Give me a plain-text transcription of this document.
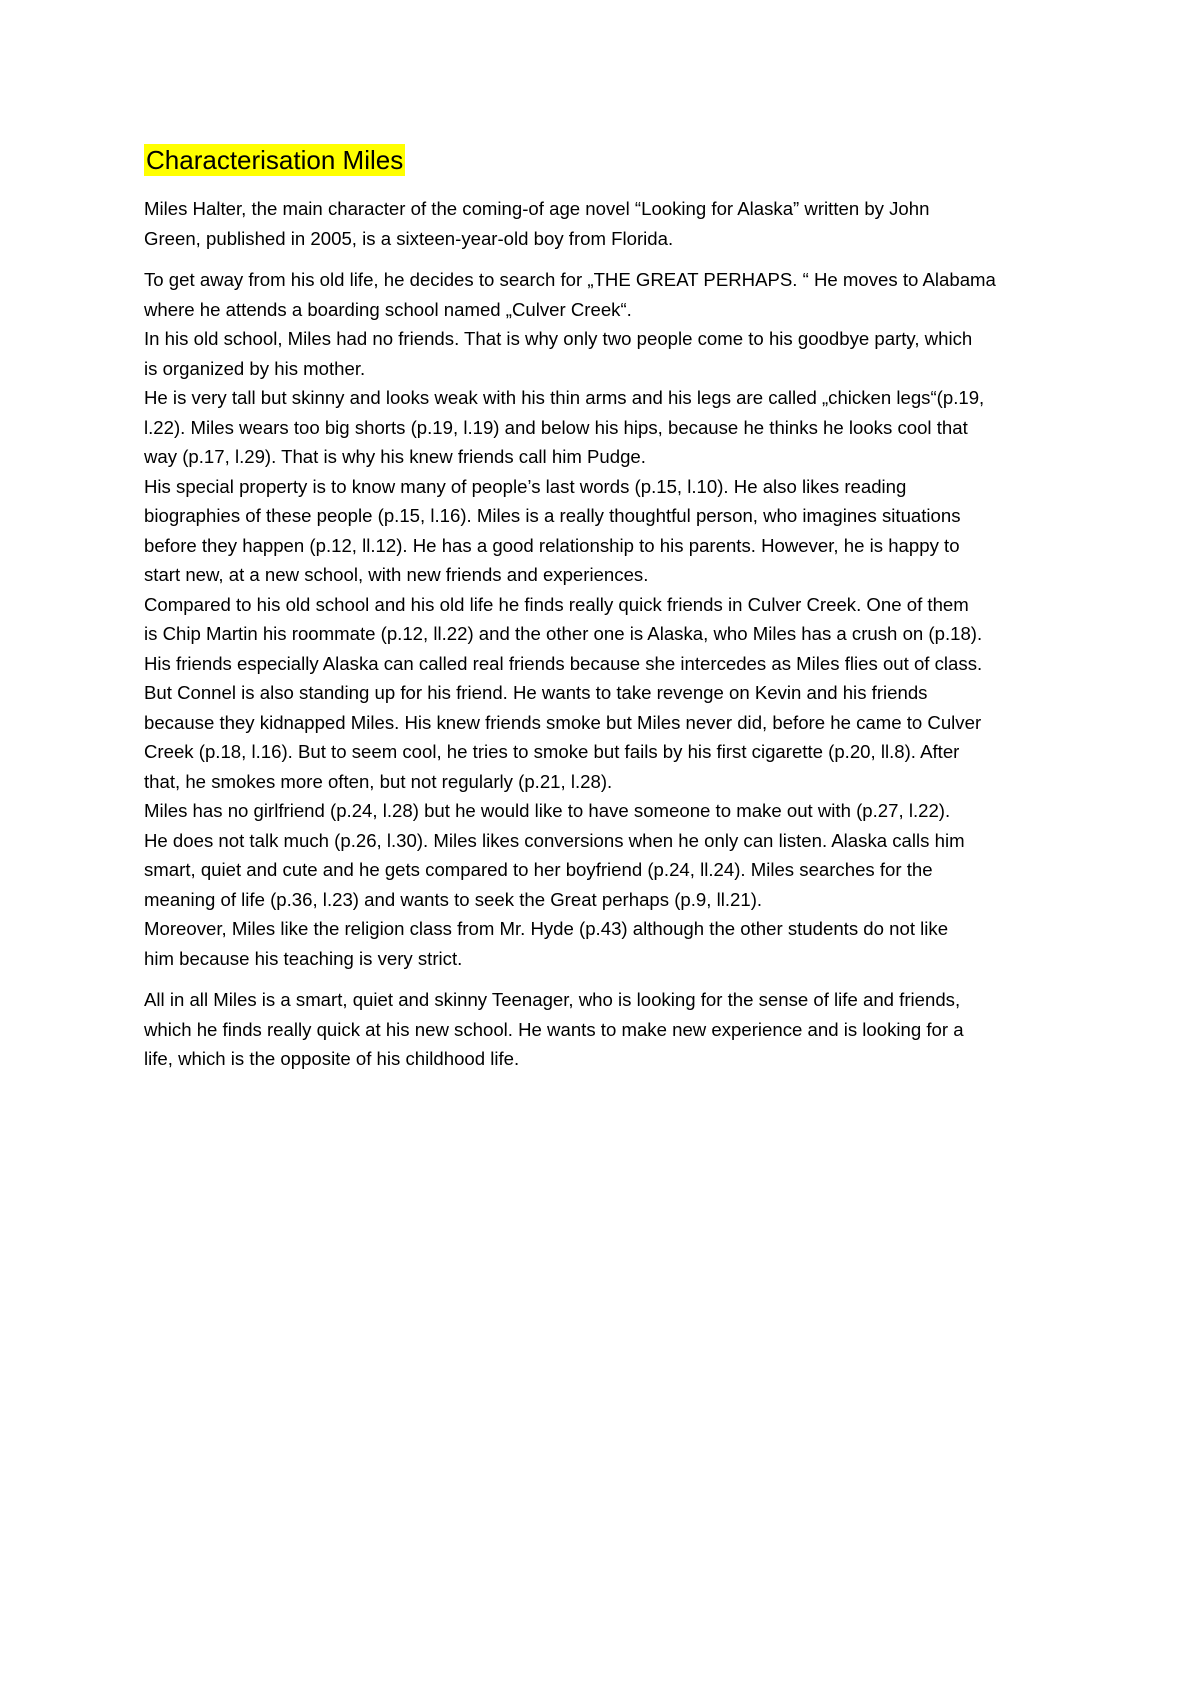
Characterisation Miles
Miles Halter, the main character of the coming-of age novel “Looking for Alaska” written by John
Green, published in 2005, is a sixteen-year-old boy from Florida.
To get away from his old life, he decides to search for „THE GREAT PERHAPS. “ He moves to Alabama
where he attends a boarding school named „Culver Creek“.
In his old school, Miles had no friends. That is why only two people come to his goodbye party, which
is organized by his mother.
He is very tall but skinny and looks weak with his thin arms and his legs are called „chicken legs“(p.19,
l.22). Miles wears too big shorts (p.19, l.19) and below his hips, because he thinks he looks cool that
way (p.17, l.29). That is why his knew friends call him Pudge.
His special property is to know many of people’s last words (p.15, l.10). He also likes reading
biographies of these people (p.15, l.16). Miles is a really thoughtful person, who imagines situations
before they happen (p.12, ll.12). He has a good relationship to his parents. However, he is happy to
start new, at a new school, with new friends and experiences.
Compared to his old school and his old life he finds really quick friends in Culver Creek. One of them
is Chip Martin his roommate (p.12, ll.22) and the other one is Alaska, who Miles has a crush on (p.18).
His friends especially Alaska can called real friends because she intercedes as Miles flies out of class.
But Connel is also standing up for his friend. He wants to take revenge on Kevin and his friends
because they kidnapped Miles. His knew friends smoke but Miles never did, before he came to Culver
Creek (p.18, l.16). But to seem cool, he tries to smoke but fails by his first cigarette (p.20, ll.8). After
that, he smokes more often, but not regularly (p.21, l.28).
Miles has no girlfriend (p.24, l.28) but he would like to have someone to make out with (p.27, l.22).
He does not talk much (p.26, l.30). Miles likes conversions when he only can listen. Alaska calls him
smart, quiet and cute and he gets compared to her boyfriend (p.24, ll.24). Miles searches for the
meaning of life (p.36, l.23) and wants to seek the Great perhaps (p.9, ll.21).
Moreover, Miles like the religion class from Mr. Hyde (p.43) although the other students do not like
him because his teaching is very strict.
All in all Miles is a smart, quiet and skinny Teenager, who is looking for the sense of life and friends,
which he finds really quick at his new school. He wants to make new experience and is looking for a
life, which is the opposite of his childhood life.
